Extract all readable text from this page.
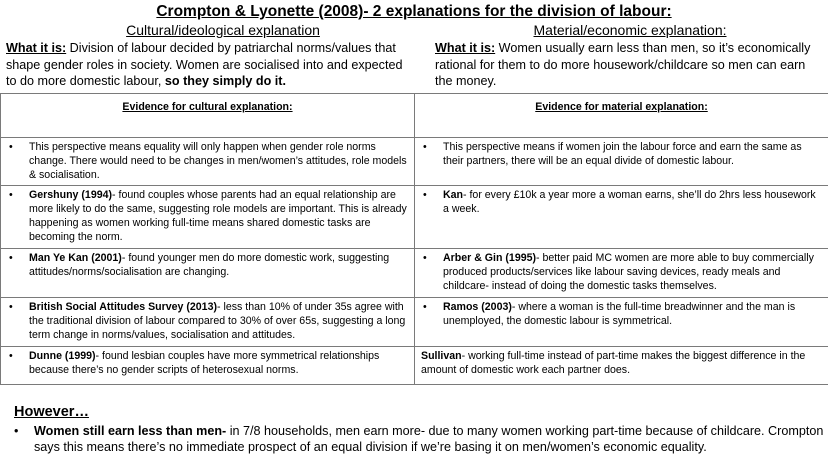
Crompton & Lyonette (2008)- 2 explanations for the division of labour:
Cultural/ideological explanation
What it is: Division of labour decided by patriarchal norms/values that shape gender roles in society. Women are socialised into and expected to do more domestic labour, so they simply do it.
Material/economic explanation:
What it is: Women usually earn less than men, so it’s economically rational for them to do more housework/childcare so men can earn the money.
Evidence for cultural explanation:	Evidence for material explanation:

• This perspective means equality will only happen when gender role norms change. There would need to be changes in men/women’s attitudes, role models & socialisation.	• This perspective means if women join the labour force and earn the same as their partners, there will be an equal divide of domestic labour.

• Gershuny (1994)- found couples whose parents had an equal relationship are more likely to do the same, suggesting role models are important. This is already happening as women working full-time means shared domestic tasks are becoming the norm.	• Kan- for every £10k a year more a woman earns, she’ll do 2hrs less housework a week.

• Man Ye Kan (2001)- found younger men do more domestic work, suggesting attitudes/norms/socialisation are changing.	• Arber & Gin (1995)- better paid MC women are more able to buy commercially produced products/services like labour saving devices, ready meals and childcare- instead of doing the domestic tasks themselves.

• British Social Attitudes Survey (2013)- less than 10% of under 35s agree with the traditional division of labour compared to 30% of over 65s, suggesting a long term change in norms/values, socialisation and attitudes.	• Ramos (2003)- where a woman is the full-time breadwinner and the man is unemployed, the domestic labour is symmetrical.

• Dunne (1999)- found lesbian couples have more symmetrical relationships because there’s no gender scripts of heterosexual norms.	Sullivan- working full-time instead of part-time makes the biggest difference in the amount of domestic work each partner does.
However…
•	Women still earn less than men- in 7/8 households, men earn more- due to many women working part-time because of childcare. Crompton says this means there’s no immediate prospect of an equal division if we’re basing it on men/women’s economic equality.
